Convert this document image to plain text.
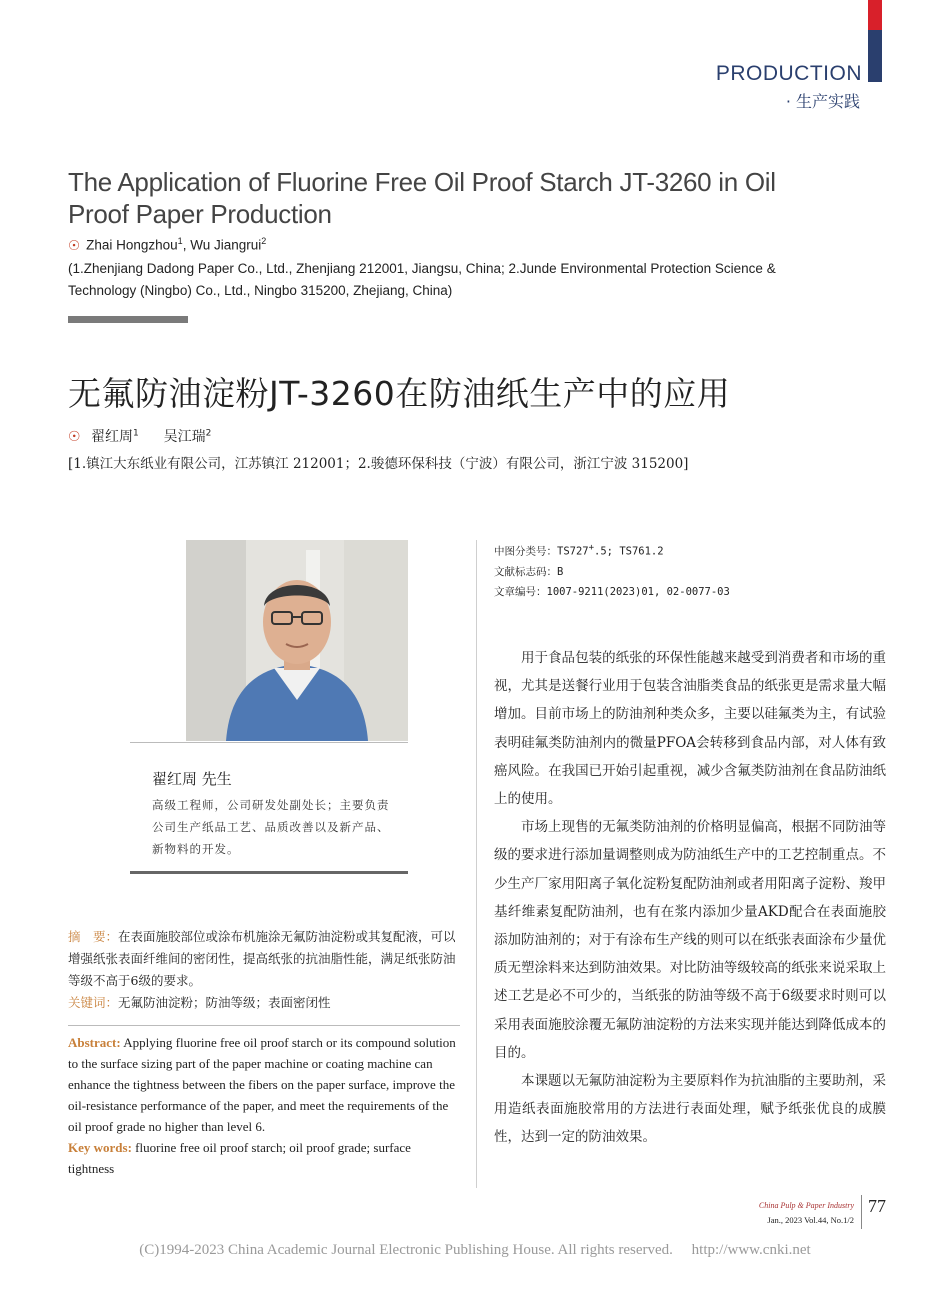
PRODUCTION
· 生产实践
The Application of Fluorine Free Oil Proof Starch JT-3260 in Oil Proof Paper Production
☉ Zhai Hongzhou$^1$, Wu Jiangrui$^2$
(1.Zhenjiang Dadong Paper Co., Ltd., Zhenjiang 212001, Jiangsu, China; 2.Junde Environmental Protection Science & Technology (Ningbo) Co., Ltd., Ningbo 315200, Zhejiang, China)
无氟防油淀粉JT-3260在防油纸生产中的应用
☉ 翟红周$^1$ 吴江瑞$^2$
[1.镇江大东纸业有限公司，江苏镇江 212001；2.骏德环保科技（宁波）有限公司，浙江宁波 315200]
翟红周 先生
高级工程师，公司研发处副处长；主要负责公司生产纸品工艺、品质改善以及新产品、新物料的开发。
摘　要：在表面施胶部位或涂布机施涂无氟防油淀粉或其复配液，可以增强纸张表面纤维间的密闭性，提高纸张的抗油脂性能，满足纸张防油等级不高于6级的要求。
关键词：无氟防油淀粉；防油等级；表面密闭性
Abstract: Applying fluorine free oil proof starch or its compound solution to the surface sizing part of the paper machine or coating machine can enhance the tightness between the fibers on the paper surface, improve the oil-resistance performance of the paper, and meet the requirements of the oil proof grade no higher than level 6.
Key words: fluorine free oil proof starch; oil proof grade; surface tightness
中图分类号：TS727+.5; TS761.2
文献标志码：B
文章编号：1007-9211(2023)01, 02-0077-03

用于食品包装的纸张的环保性能越来越受到消费者和市场的重视，尤其是送餐行业用于包装含油脂类食品的纸张更是需求量大幅增加。目前市场上的防油剂种类众多，主要以硅氟类为主，有试验表明硅氟类防油剂内的微量PFOA会转移到食品内部，对人体有致癌风险。在我国已开始引起重视，减少含氟类防油剂在食品防油纸上的使用。

市场上现售的无氟类防油剂的价格明显偏高，根据不同防油等级的要求进行添加量调整则成为防油纸生产中的工艺控制重点。不少生产厂家用阳离子氧化淀粉复配防油剂或者用阳离子淀粉、羧甲基纤维素复配防油剂，也有在浆内添加少量AKD配合在表面施胶添加防油剂的；对于有涂布生产线的则可以在纸张表面涂布少量优质无塑涂料来达到防油效果。对比防油等级较高的纸张来说采取上述工艺是必不可少的，当纸张的防油等级不高于6级要求时则可以采用表面施胶涂覆无氟防油淀粉的方法来实现并能达到降低成本的目的。

本课题以无氟防油淀粉为主要原料作为抗油脂的主要助剂，采用造纸表面施胶常用的方法进行表面处理，赋予纸张优良的成膜性，达到一定的防油效果。

China Pulp & Paper Industry
Jan., 2023 Vol.44, No.1/2
77
(C)1994-2023 China Academic Journal Electronic Publishing House. All rights reserved.     http://www.cnki.net
